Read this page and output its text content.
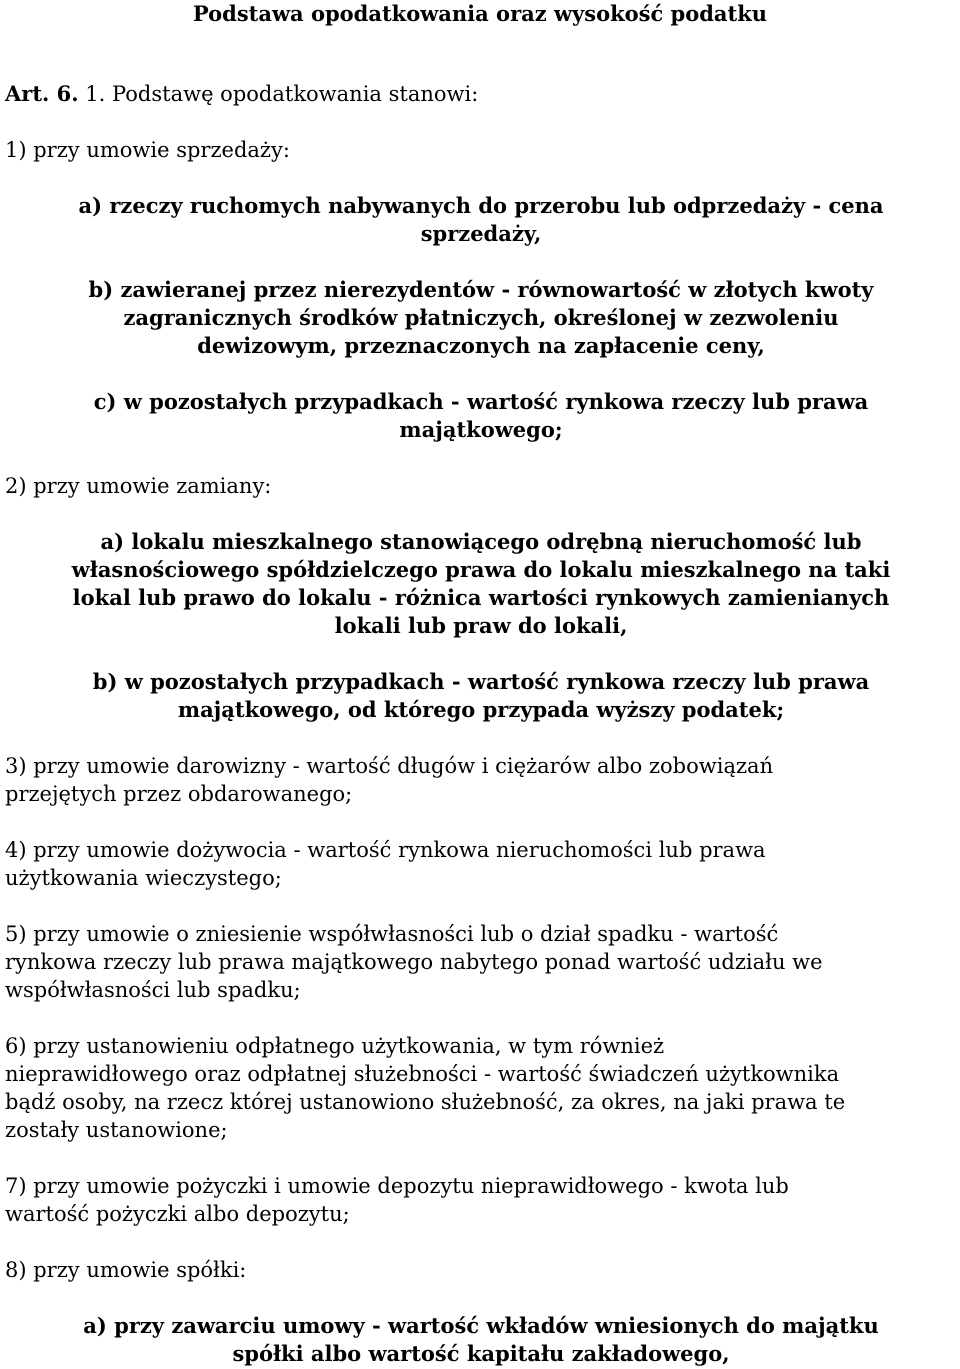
Podstawa opodatkowania oraz wysokość podatku

Art. 6. 1. Podstawę opodatkowania stanowi:

1) przy umowie sprzedaży:

a) rzeczy ruchomych nabywanych do przerobu lub odprzedaży - cena

sprzedaży,

b) zawieranej przez nierezydentów - równowartość w złotych kwoty

zagranicznych środków płatniczych, określonej w zezwoleniu

dewizowym, przeznaczonych na zapłacenie ceny,

c) w pozostałych przypadkach - wartość rynkowa rzeczy lub prawa

majątkowego;

2) przy umowie zamiany:

a) lokalu mieszkalnego stanowiącego odrębną nieruchomość lub

własnościowego spółdzielczego prawa do lokalu mieszkalnego na taki

lokal lub prawo do lokalu - różnica wartości rynkowych zamienianych

lokali lub praw do lokali,

b) w pozostałych przypadkach - wartość rynkowa rzeczy lub prawa

majątkowego, od którego przypada wyższy podatek;

3) przy umowie darowizny - wartość długów i ciężarów albo zobowiązań

przejętych przez obdarowanego;

4) przy umowie dożywocia - wartość rynkowa nieruchomości lub prawa

użytkowania wieczystego;

5) przy umowie o zniesienie współwłasności lub o dział spadku - wartość

rynkowa rzeczy lub prawa majątkowego nabytego ponad wartość udziału we

współwłasności lub spadku;

6) przy ustanowieniu odpłatnego użytkowania, w tym również

nieprawidłowego oraz odpłatnej służebności - wartość świadczeń użytkownika

bądź osoby, na rzecz której ustanowiono służebność, za okres, na jaki prawa te

zostały ustanowione;

7) przy umowie pożyczki i umowie depozytu nieprawidłowego - kwota lub

wartość pożyczki albo depozytu;

8) przy umowie spółki:

a) przy zawarciu umowy - wartość wkładów wniesionych do majątku

spółki albo wartość kapitału zakładowego,
